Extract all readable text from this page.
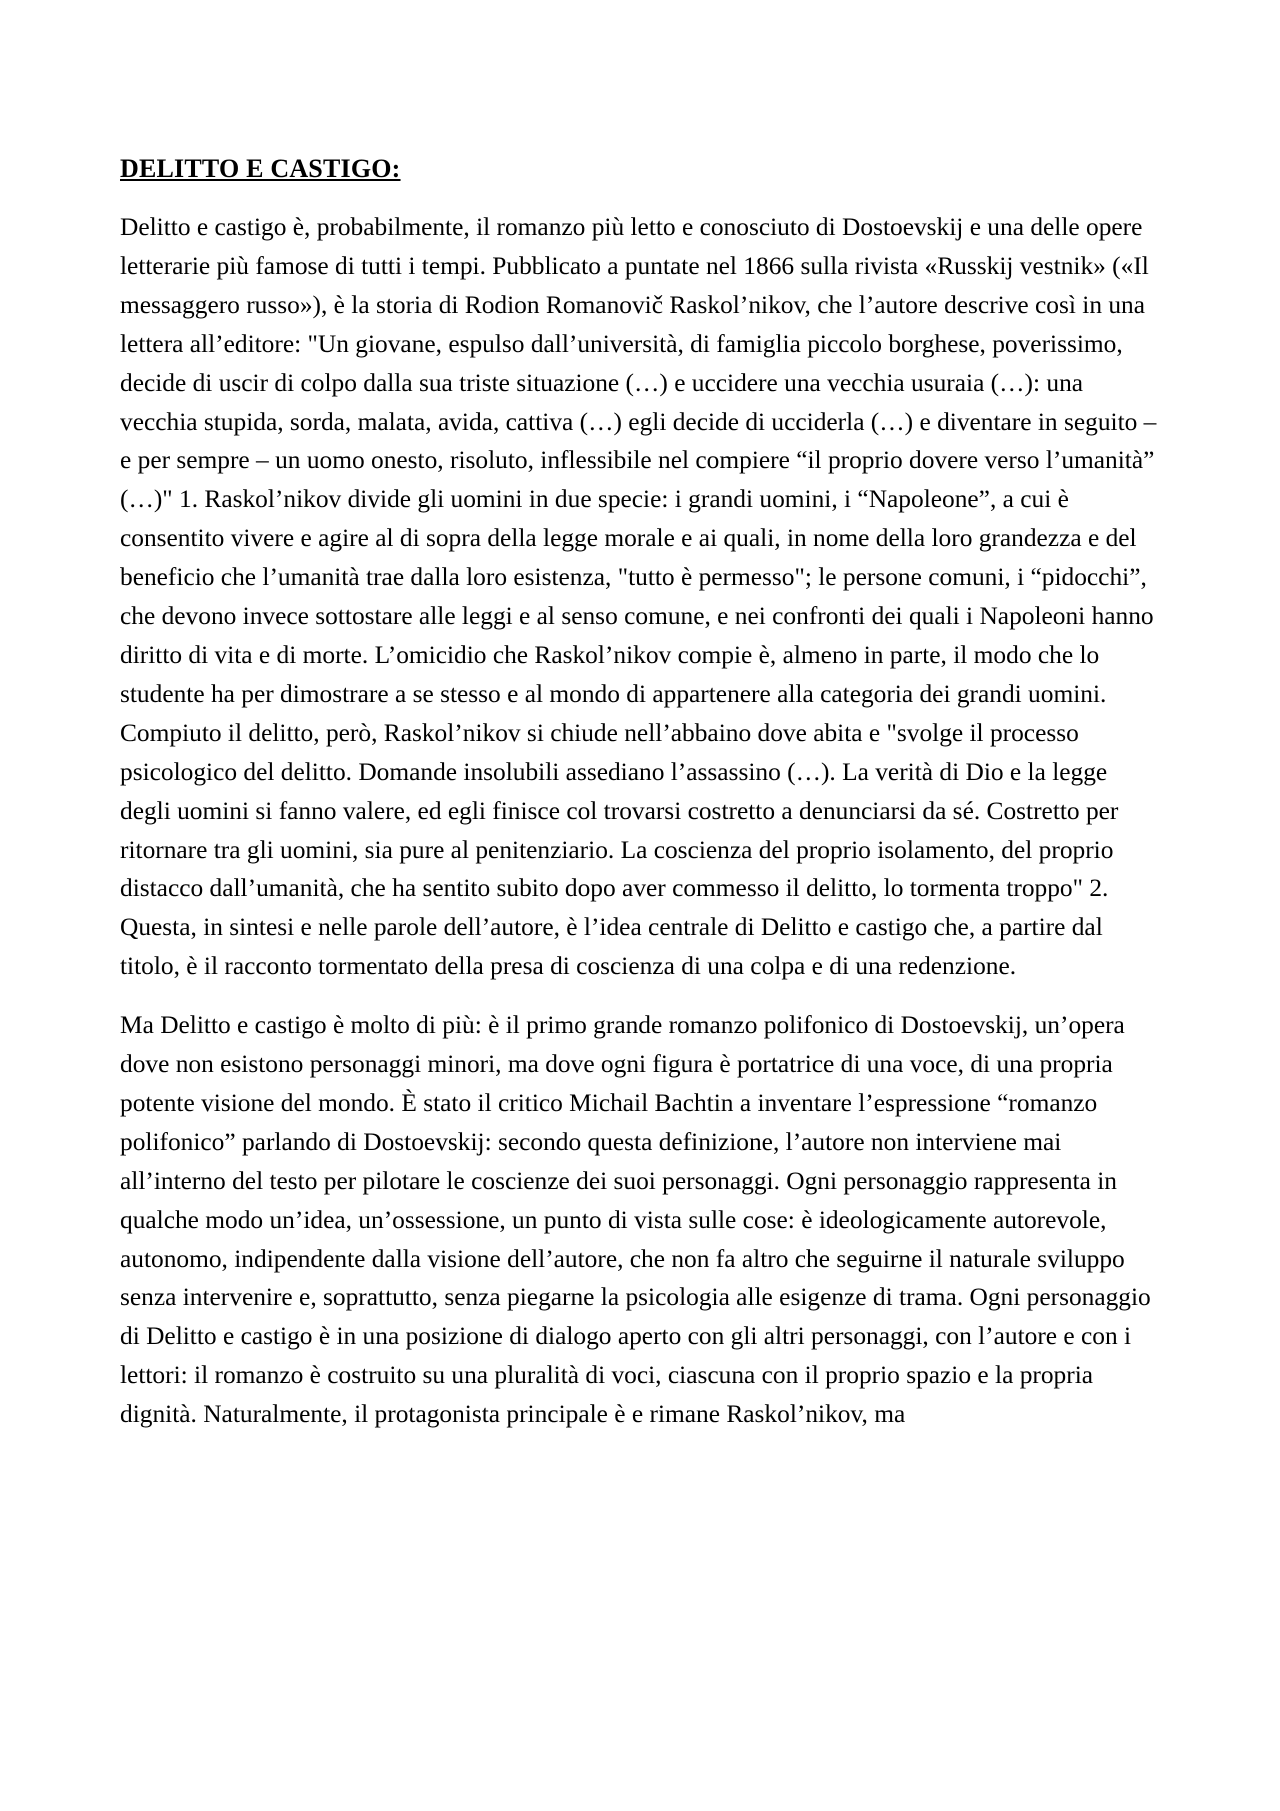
DELITTO E CASTIGO:

Delitto e castigo è, probabilmente, il romanzo più letto e conosciuto di Dostoevskij e una delle opere letterarie più famose di tutti i tempi. Pubblicato a puntate nel 1866 sulla rivista «Russkij vestnik» («Il messaggero russo»), è la storia di Rodion Romanovič Raskol’nikov, che l’autore descrive così in una lettera all’editore: "Un giovane, espulso dall’università, di famiglia piccolo borghese, poverissimo, decide di uscir di colpo dalla sua triste situazione (…) e uccidere una vecchia usuraia (…): una vecchia stupida, sorda, malata, avida, cattiva (…) egli decide di ucciderla (…) e diventare in seguito – e per sempre – un uomo onesto, risoluto, inflessibile nel compiere “il proprio dovere verso l’umanità” (…)" 1. Raskol’nikov divide gli uomini in due specie: i grandi uomini, i “Napoleone”, a cui è consentito vivere e agire al di sopra della legge morale e ai quali, in nome della loro grandezza e del beneficio che l’umanità trae dalla loro esistenza, "tutto è permesso"; le persone comuni, i “pidocchi”, che devono invece sottostare alle leggi e al senso comune, e nei confronti dei quali i Napoleoni hanno diritto di vita e di morte. L’omicidio che Raskol’nikov compie è, almeno in parte, il modo che lo studente ha per dimostrare a se stesso e al mondo di appartenere alla categoria dei grandi uomini. Compiuto il delitto, però, Raskol’nikov si chiude nell’abbaino dove abita e "svolge il processo psicologico del delitto. Domande insolubili assediano l’assassino (…). La verità di Dio e la legge degli uomini si fanno valere, ed egli finisce col trovarsi costretto a denunciarsi da sé. Costretto per ritornare tra gli uomini, sia pure al penitenziario. La coscienza del proprio isolamento, del proprio distacco dall’umanità, che ha sentito subito dopo aver commesso il delitto, lo tormenta troppo" 2. Questa, in sintesi e nelle parole dell’autore, è l’idea centrale di Delitto e castigo che, a partire dal titolo, è il racconto tormentato della presa di coscienza di una colpa e di una redenzione.

Ma Delitto e castigo è molto di più: è il primo grande romanzo polifonico di Dostoevskij, un’opera dove non esistono personaggi minori, ma dove ogni figura è portatrice di una voce, di una propria potente visione del mondo. È stato il critico Michail Bachtin a inventare l’espressione “romanzo polifonico” parlando di Dostoevskij: secondo questa definizione, l’autore non interviene mai all’interno del testo per pilotare le coscienze dei suoi personaggi. Ogni personaggio rappresenta in qualche modo un’idea, un’ossessione, un punto di vista sulle cose: è ideologicamente autorevole, autonomo, indipendente dalla visione dell’autore, che non fa altro che seguirne il naturale sviluppo senza intervenire e, soprattutto, senza piegarne la psicologia alle esigenze di trama. Ogni personaggio di Delitto e castigo è in una posizione di dialogo aperto con gli altri personaggi, con l’autore e con i lettori: il romanzo è costruito su una pluralità di voci, ciascuna con il proprio spazio e la propria dignità. Naturalmente, il protagonista principale è e rimane Raskol’nikov, ma
